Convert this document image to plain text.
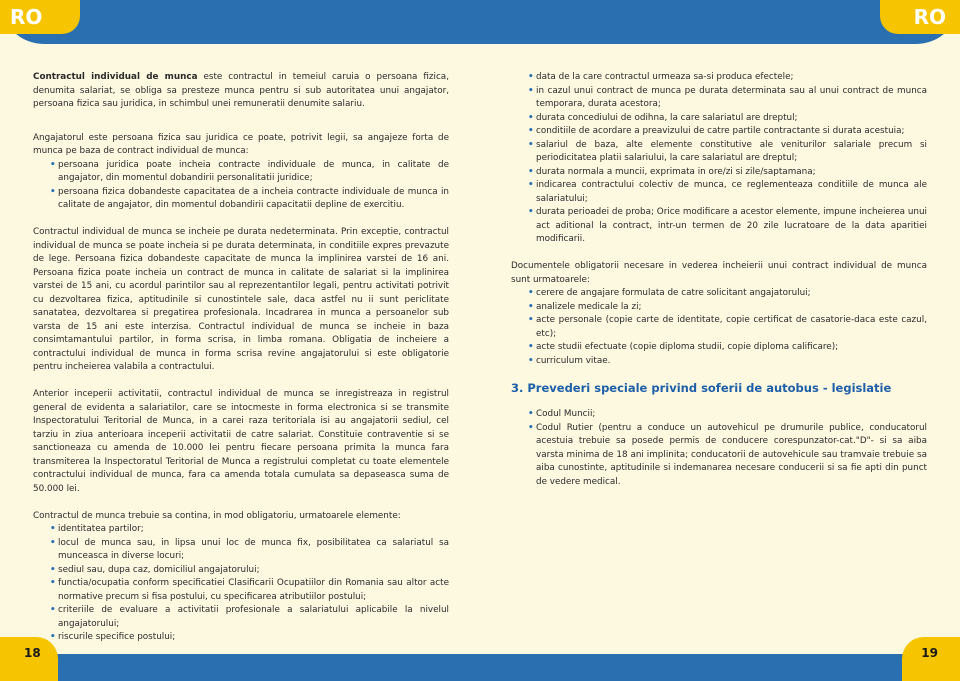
RO	RO

Contractul individual de munca este contractul in temeiul caruia o persoana fizica, denumita salariat, se obliga sa presteze munca pentru si sub autoritatea unui angajator, persoana fizica sau juridica, in schimbul unei remuneratii denumite salariu.

Angajatorul este persoana fizica sau juridica ce poate, potrivit legii, sa angajeze forta de munca pe baza de contract individual de munca:

• persoana juridica poate incheia contracte individuale de munca, in calitate de angajator, din momentul dobandirii personalitatii juridice;
• persoana fizica dobandeste capacitatea de a incheia contracte individuale de munca in calitate de angajator, din momentul dobandirii capacitatii depline de exercitiu.

Contractul individual de munca se incheie pe durata nedeterminata. Prin exceptie, contractul individual de munca se poate incheia si pe durata determinata, in conditiile expres prevazute de lege. Persoana fizica dobandeste capacitate de munca la implinirea varstei de 16 ani. Persoana fizica poate incheia un contract de munca in calitate de salariat si la implinirea varstei de 15 ani, cu acordul parintilor sau al reprezentantilor legali, pentru activitati potrivit cu dezvoltarea fizica, aptitudinile si cunostintele sale, daca astfel nu ii sunt periclitate sanatatea, dezvoltarea si pregatirea profesionala. Incadrarea in munca a persoanelor sub varsta de 15 ani este interzisa. Contractul individual de munca se incheie in baza consimtamantului partilor, in forma scrisa, in limba romana. Obligatia de incheiere a contractului individual de munca in forma scrisa revine angajatorului si este obligatorie pentru incheierea valabila a contractului.

Anterior inceperii activitatii, contractul individual de munca se inregistreaza in registrul general de evidenta a salariatilor, care se intocmeste in forma electronica si se transmite Inspectoratului Teritorial de Munca, in a carei raza teritoriala isi au angajatorii sediul, cel tarziu in ziua anterioara inceperii activitatii de catre salariat. Constituie contraventie si se sanctioneaza cu amenda de 10.000 lei pentru fiecare persoana primita la munca fara transmiterea la Inspectoratul Teritorial de Munca a registrului completat cu toate elementele contractului individual de munca, fara ca amenda totala cumulata sa depaseasca suma de 50.000 lei.

Contractul de munca trebuie sa contina, in mod obligatoriu, urmatoarele elemente:

• identitatea partilor;
• locul de munca sau, in lipsa unui loc de munca fix, posibilitatea ca salariatul sa munceasca in diverse locuri;
• sediul sau, dupa caz, domiciliul angajatorului;
• functia/ocupatia conform specificatiei Clasificarii Ocupatiilor din Romania sau altor acte normative precum si fisa postului, cu specificarea atributiilor postului;
• criteriile de evaluare a activitatii profesionale a salariatului aplicabile la nivelul angajatorului;
• riscurile specifice postului;
• data de la care contractul urmeaza sa-si produca efectele;
• in cazul unui contract de munca pe durata determinata sau al unui contract de munca temporara, durata acestora;
• durata concediului de odihna, la care salariatul are dreptul;
• conditiile de acordare a preavizului de catre partile contractante si durata acestuia;
• salariul de baza, alte elemente constitutive ale veniturilor salariale precum si periodicitatea platii salariului, la care salariatul are dreptul;
• durata normala a muncii, exprimata in ore/zi si zile/saptamana;
• indicarea contractului colectiv de munca, ce reglementeaza conditiile de munca ale salariatului;
• durata perioadei de proba; Orice modificare a acestor elemente, impune incheierea unui act aditional la contract, intr-un termen de 20 zile lucratoare de la data aparitiei modificarii.

Documentele obligatorii necesare in vederea incheierii unui contract individual de munca sunt urmatoarele:

• cerere de angajare formulata de catre solicitant angajatorului;
• analizele medicale la zi;
• acte personale (copie carte de identitate, copie certificat de casatorie-daca este cazul, etc);
• acte studii efectuate (copie diploma studii, copie diploma calificare);
• curriculum vitae.
3. Prevederi speciale privind soferii de autobus - legislatie
• Codul Muncii;
• Codul Rutier (pentru a conduce un autovehicul pe drumurile publice, conducatorul acestuia trebuie sa posede permis de conducere corespunzator-cat."D"- si sa aiba varsta minima de 18 ani implinita; conducatorii de autovehicule sau tramvaie trebuie sa aiba cunostinte, aptitudinile si indemanarea necesare conducerii si sa fie apti din punct de vedere medical.
18	19
